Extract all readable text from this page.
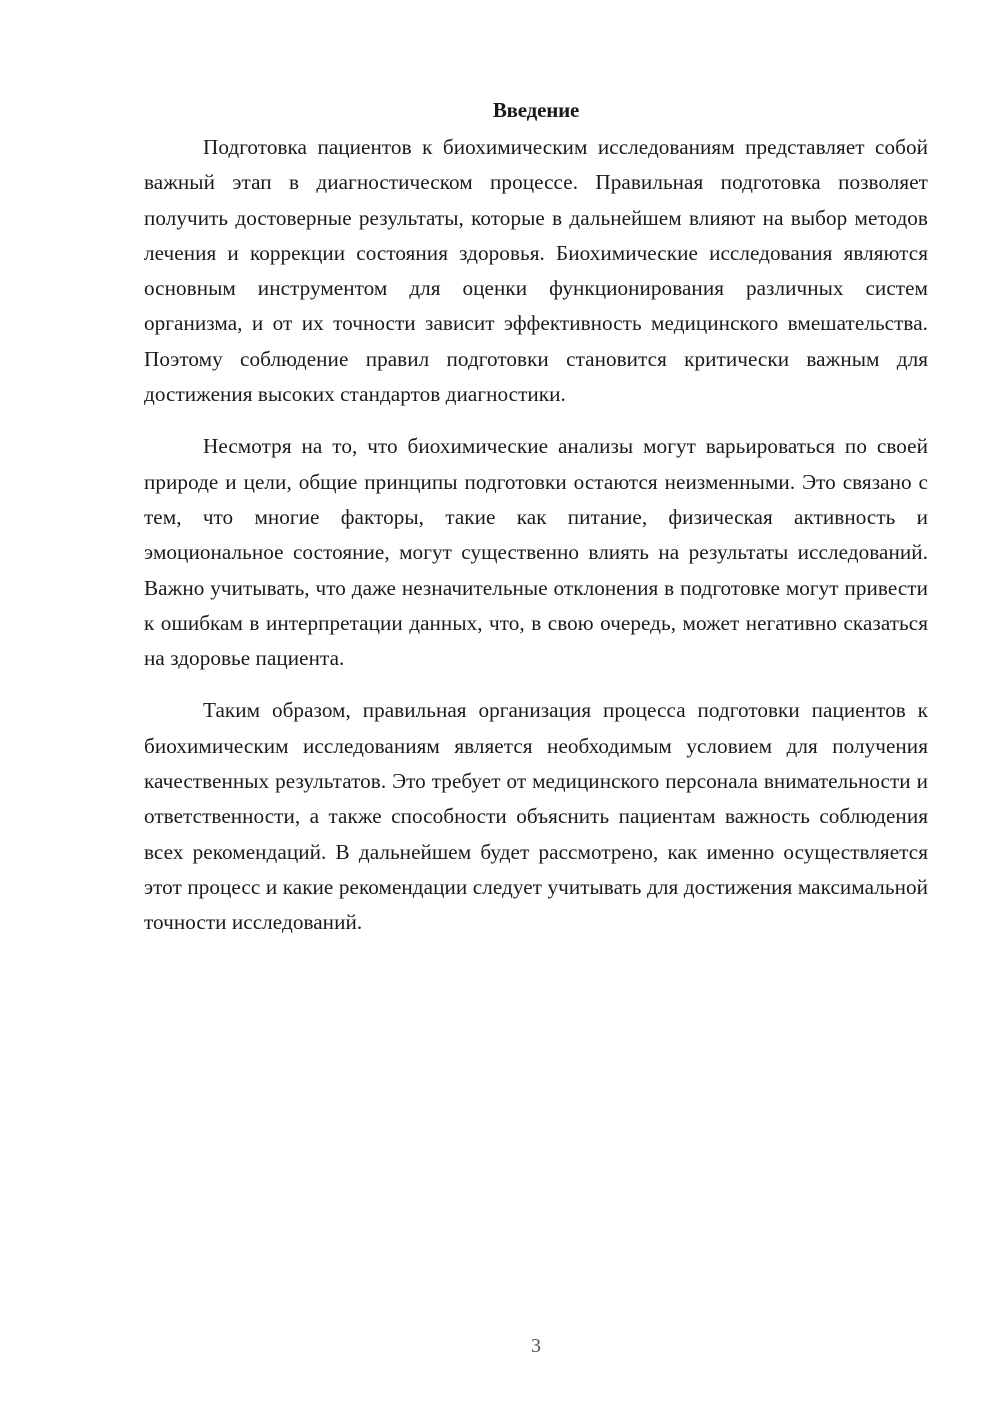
Введение

Подготовка пациентов к биохимическим исследованиям представляет собой важный этап в диагностическом процессе. Правильная подготовка позволяет получить достоверные результаты, которые в дальнейшем влияют на выбор методов лечения и коррекции состояния здоровья. Биохимические исследования являются основным инструментом для оценки функционирования различных систем организма, и от их точности зависит эффективность медицинского вмешательства. Поэтому соблюдение правил подготовки становится критически важным для достижения высоких стандартов диагностики.

Несмотря на то, что биохимические анализы могут варьироваться по своей природе и цели, общие принципы подготовки остаются неизменными. Это связано с тем, что многие факторы, такие как питание, физическая активность и эмоциональное состояние, могут существенно влиять на результаты исследований. Важно учитывать, что даже незначительные отклонения в подготовке могут привести к ошибкам в интерпретации данных, что, в свою очередь, может негативно сказаться на здоровье пациента.

Таким образом, правильная организация процесса подготовки пациентов к биохимическим исследованиям является необходимым условием для получения качественных результатов. Это требует от медицинского персонала внимательности и ответственности, а также способности объяснить пациентам важность соблюдения всех рекомендаций. В дальнейшем будет рассмотрено, как именно осуществляется этот процесс и какие рекомендации следует учитывать для достижения максимальной точности исследований.

3
